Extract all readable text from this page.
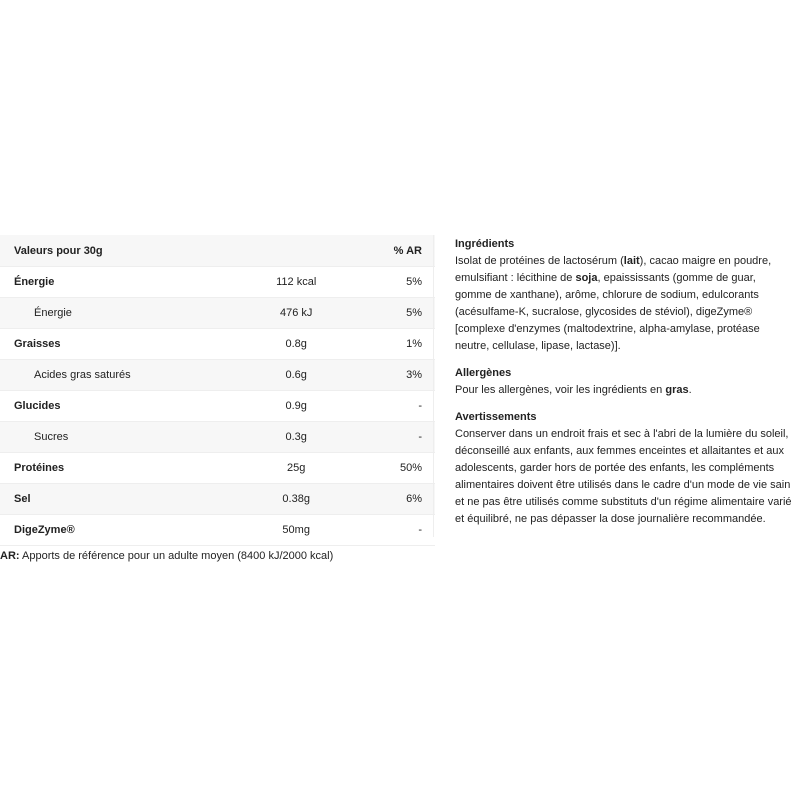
Valeurs pour 30g		% AR
Énergie	112 kcal	5%
Énergie	476 kJ	5%
Graisses	0.8g	1%
Acides gras saturés	0.6g	3%
Glucides	0.9g	-
Sucres	0.3g	-
Protéines	25g	50%
Sel	0.38g	6%
DigeZyme®	50mg	-
AR: Apports de référence pour un adulte moyen (8400 kJ/2000 kcal)
Ingrédients

Isolat de protéines de lactosérum (lait), cacao maigre en poudre, emulsifiant : lécithine de soja, epaississants (gomme de guar, gomme de xanthane), arôme, chlorure de sodium, edulcorants (acésulfame-K, sucralose, glycosides de stéviol), digeZyme® [complexe d'enzymes (maltodextrine, alpha-amylase, protéase neutre, cellulase, lipase, lactase)].

Allergènes

Pour les allergènes, voir les ingrédients en gras.

Avertissements

Conserver dans un endroit frais et sec à l'abri de la lumière du soleil, déconseillé aux enfants, aux femmes enceintes et allaitantes et aux adolescents, garder hors de portée des enfants, les compléments alimentaires doivent être utilisés dans le cadre d'un mode de vie sain et ne pas être utilisés comme substituts d'un régime alimentaire varié et équilibré, ne pas dépasser la dose journalière recommandée.
